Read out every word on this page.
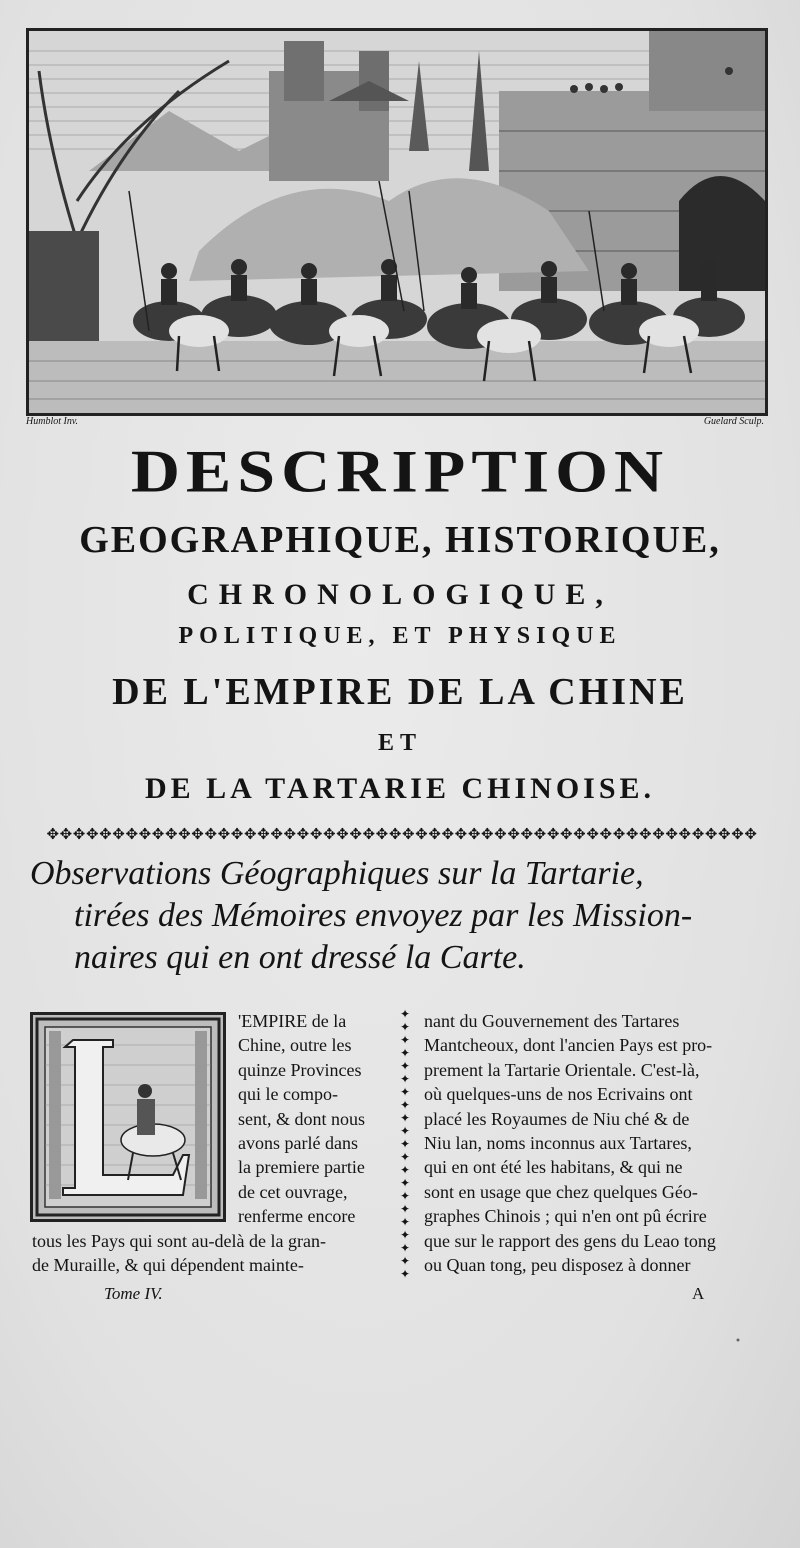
Humblot Inv.	Guelard Sculp.
DESCRIPTION
GEOGRAPHIQUE, HISTORIQUE,
CHRONOLOGIQUE,
POLITIQUE, ET PHYSIQUE
DE L'EMPIRE DE LA CHINE
ET
DE LA TARTARIE CHINOISE.
✥✥✥✥✥✥✥✥✥✥✥✥✥✥✥✥✥✥✥✥✥✥✥✥✥✥✥✥✥✥✥✥✥✥✥✥✥✥✥✥✥✥✥✥✥✥✥✥✥✥✥✥✥✥
Observations Géographiques sur la Tartarie,
tirées des Mémoires envoyez par les Mission-
naires qui en ont dressé la Carte.
'EMPIRE de la
Chine, outre les
quinze Provinces
qui le compo-
sent, & dont nous
avons parlé dans
la premiere partie
de cet ouvrage,
renferme encore
tous les Pays qui sont au-delà de la gran-
de Muraille, & qui dépendent mainte-
✦
✦
✦
✦
✦
✦
✦
✦
✦
✦
✦
✦
✦
✦
✦
✦
✦
✦
✦
✦
✦
nant du Gouvernement des Tartares
Mantcheoux, dont l'ancien Pays est pro-
prement la Tartarie Orientale. C'est-là,
où quelques-uns de nos Ecrivains ont
placé les Royaumes de Niu ché & de
Niu lan, noms inconnus aux Tartares,
qui en ont été les habitans, & qui ne
sont en usage que chez quelques Géo-
graphes Chinois ; qui n'en ont pû écrire
que sur le rapport des gens du Leao tong
ou Quan tong, peu disposez à donner
Tome IV.	A
